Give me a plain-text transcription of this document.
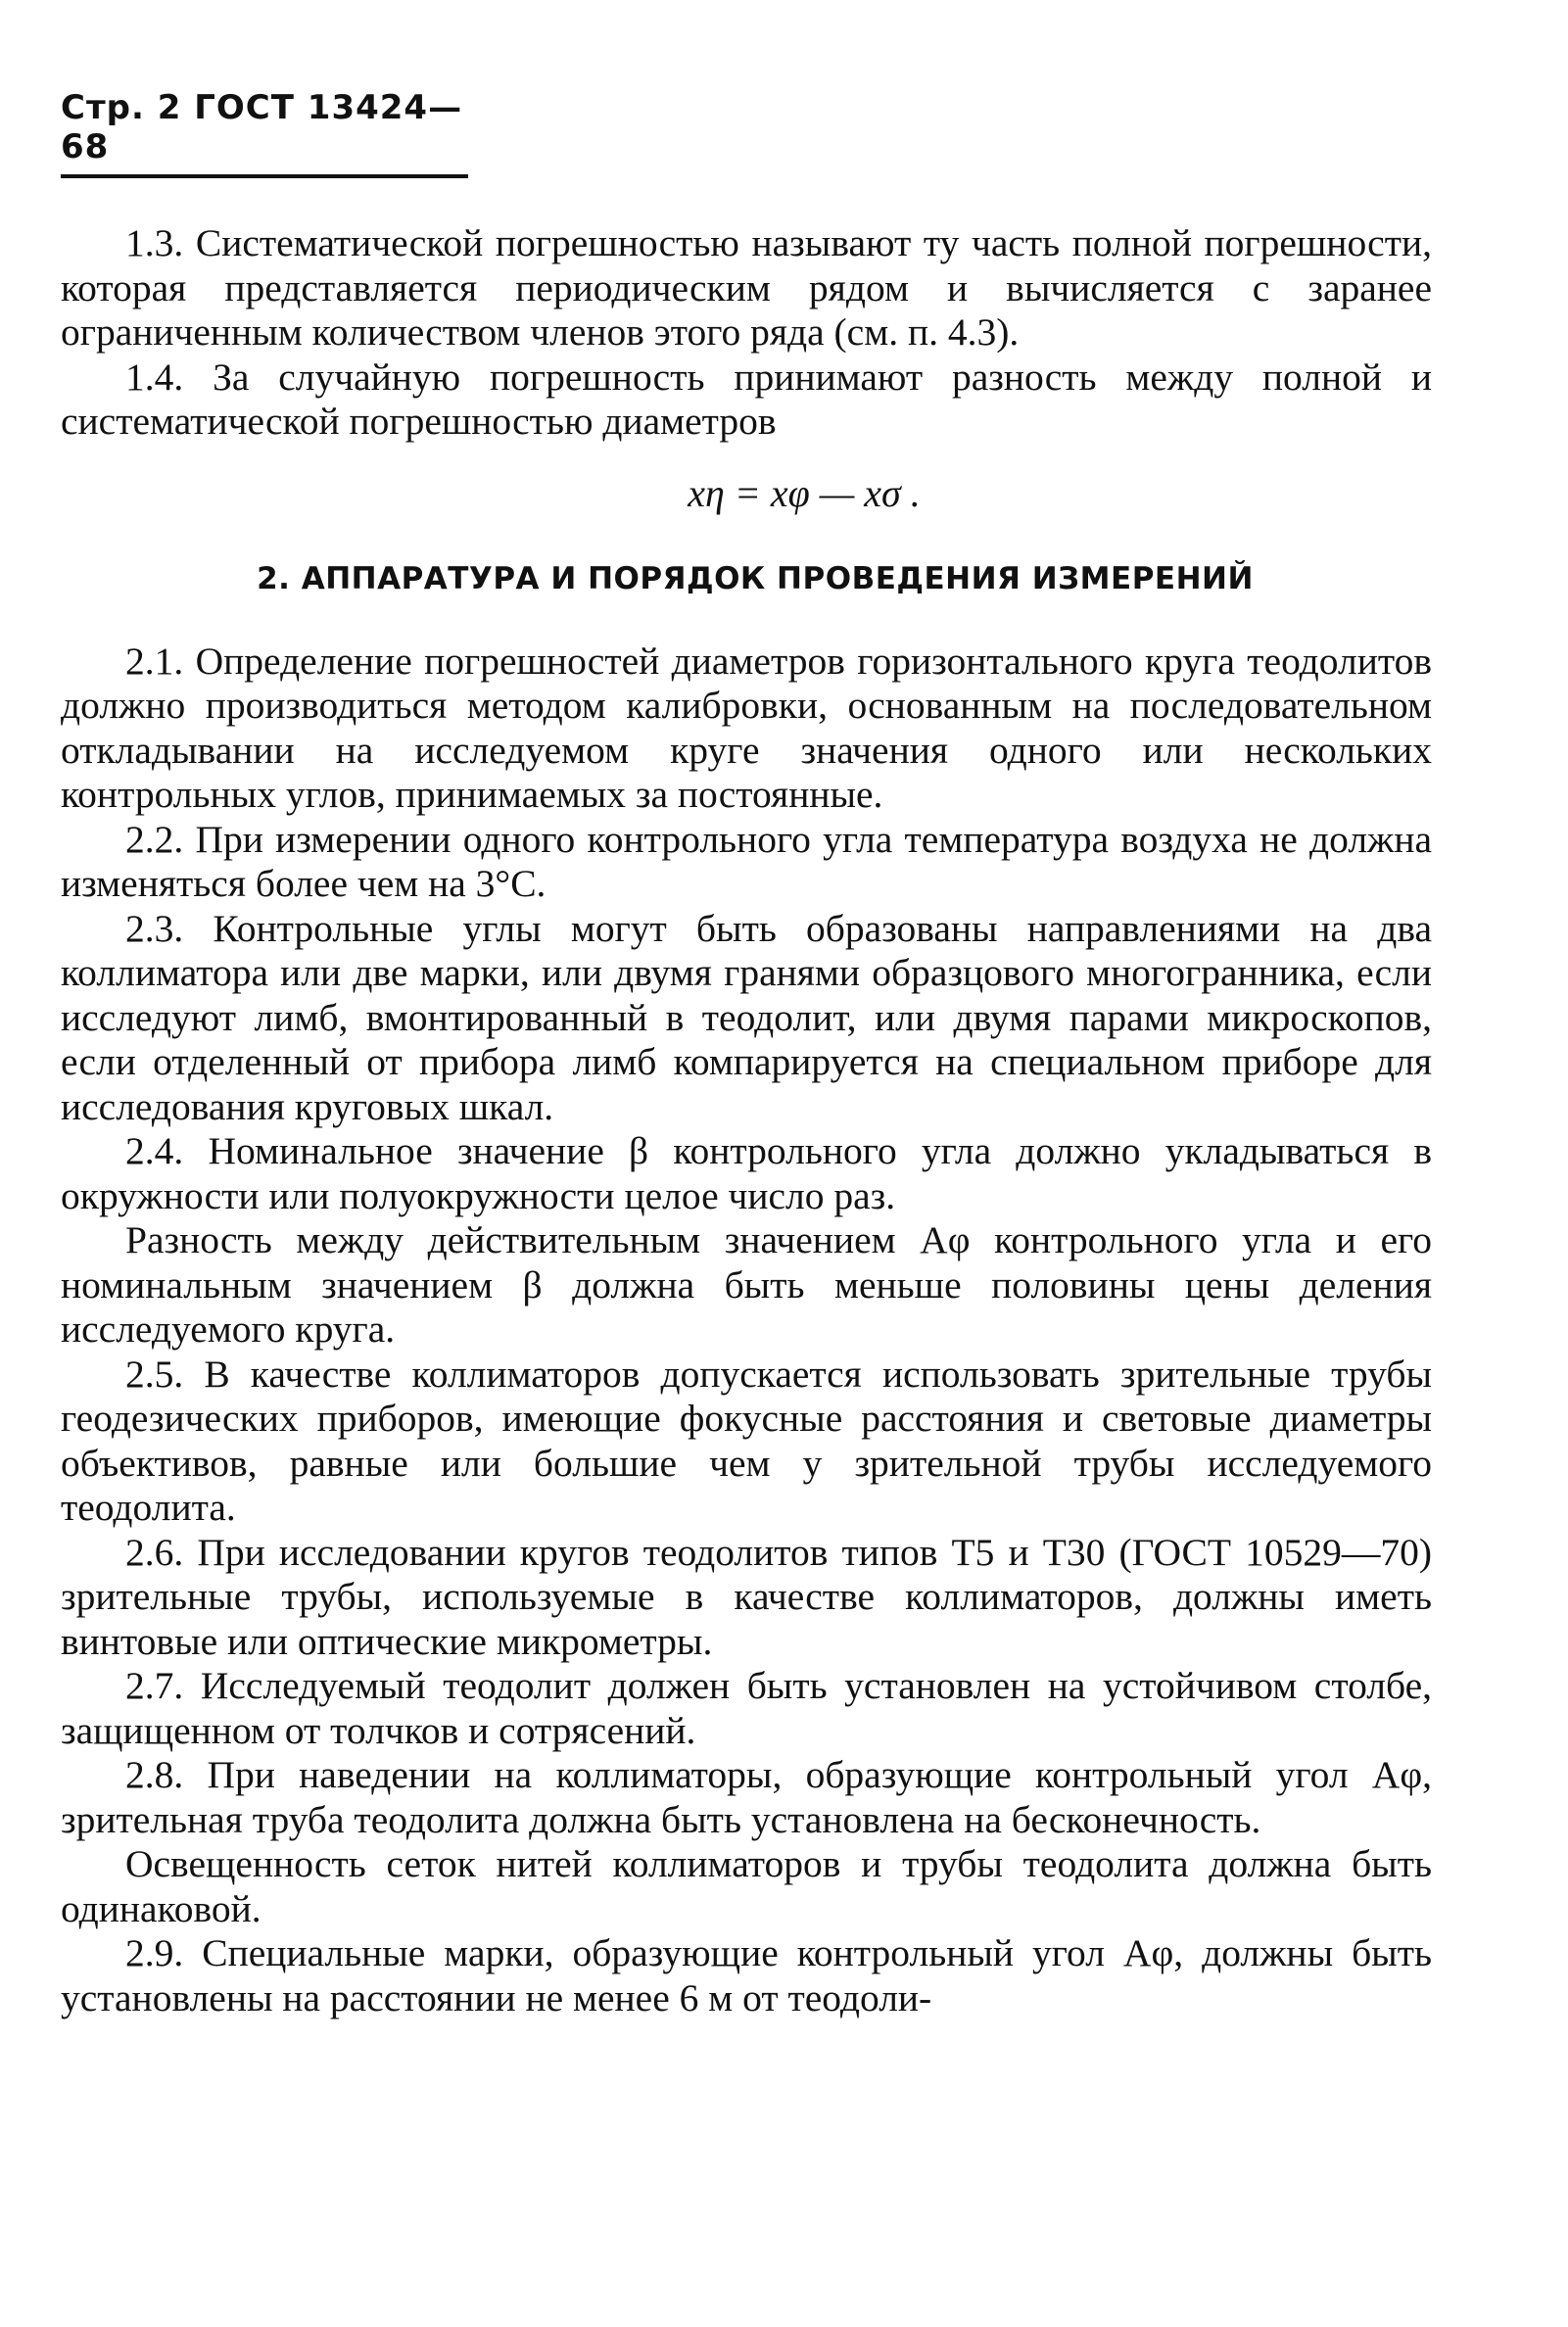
Стр. 2 ГОСТ 13424—68

1.3. Систематической погрешностью называют ту часть полной погрешности, которая представляется периодическим рядом и вычисляется с заранее ограниченным количеством членов этого ряда (см. п. 4.3).

1.4. За случайную погрешность принимают разность между полной и систематической погрешностью диаметров

xη = xφ — xσ .
2. АППАРАТУРА И ПОРЯДОК ПРОВЕДЕНИЯ ИЗМЕРЕНИЙ

2.1. Определение погрешностей диаметров горизонтального круга теодолитов должно производиться методом калибровки, основанным на последовательном откладывании на исследуемом круге значения одного или нескольких контрольных углов, принимаемых за постоянные.

2.2. При измерении одного контрольного угла температура воздуха не должна изменяться более чем на 3°С.

2.3. Контрольные углы могут быть образованы направлениями на два коллиматора или две марки, или двумя гранями образцового многогранника, если исследуют лимб, вмонтированный в теодолит, или двумя парами микроскопов, если отделенный от прибора лимб компарируется на специальном приборе для исследования круговых шкал.

2.4. Номинальное значение β контрольного угла должно укладываться в окружности или полуокружности целое число раз.

Разность между действительным значением Aφ контрольного угла и его номинальным значением β должна быть меньше половины цены деления исследуемого круга.

2.5. В качестве коллиматоров допускается использовать зрительные трубы геодезических приборов, имеющие фокусные расстояния и световые диаметры объективов, равные или большие чем у зрительной трубы исследуемого теодолита.

2.6. При исследовании кругов теодолитов типов Т5 и Т30 (ГОСТ 10529—70) зрительные трубы, используемые в качестве коллиматоров, должны иметь винтовые или оптические микрометры.

2.7. Исследуемый теодолит должен быть установлен на устойчивом столбе, защищенном от толчков и сотрясений.

2.8. При наведении на коллиматоры, образующие контрольный угол Aφ, зрительная труба теодолита должна быть установлена на бесконечность.

Освещенность сеток нитей коллиматоров и трубы теодолита должна быть одинаковой.

2.9. Специальные марки, образующие контрольный угол Aφ, должны быть установлены на расстоянии не менее 6 м от теодоли-
